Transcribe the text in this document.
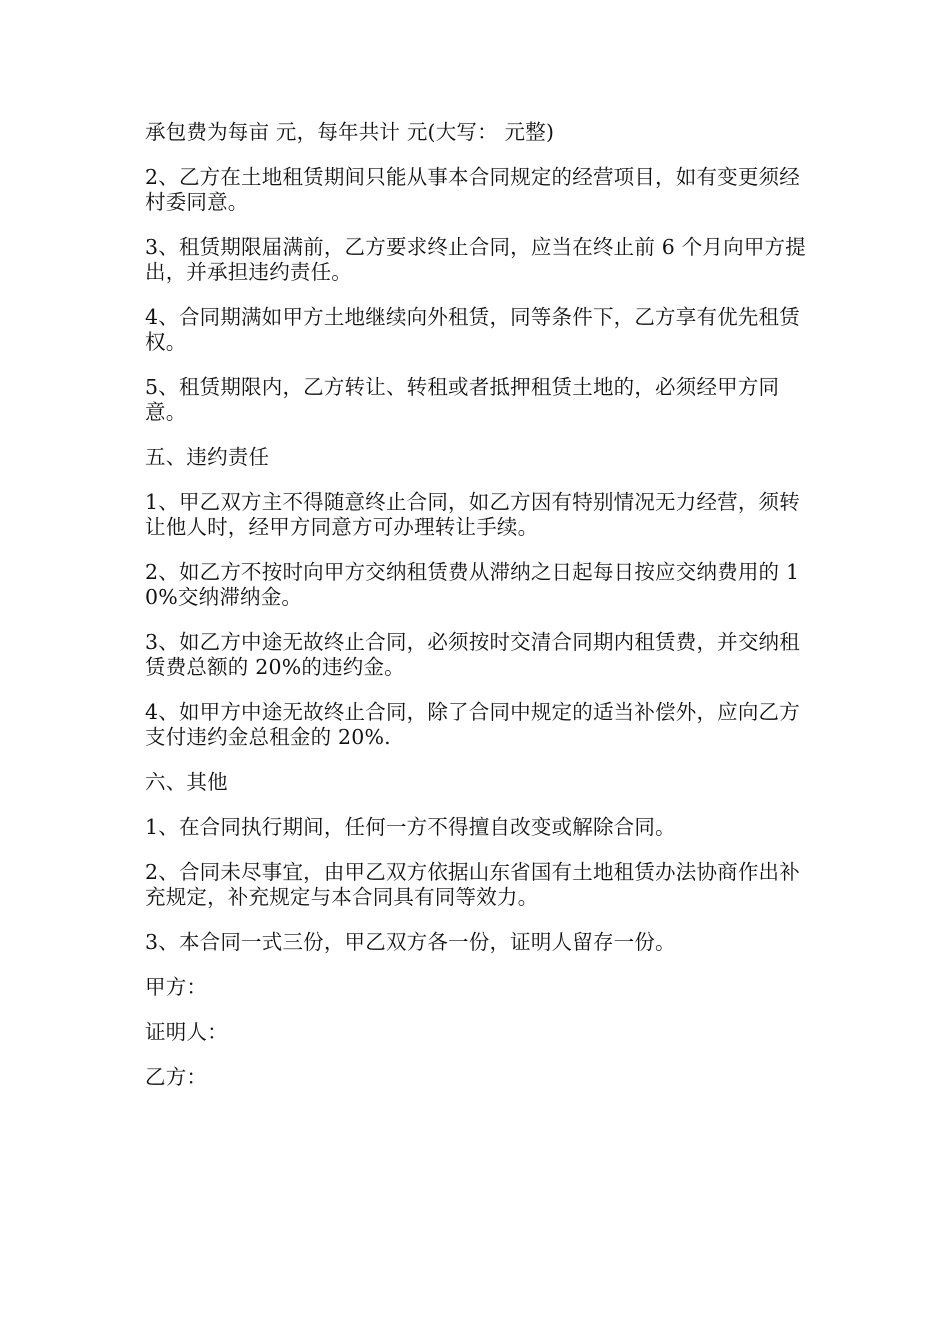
承包费为每亩 元，每年共计 元(大写： 元整)

2、乙方在土地租赁期间只能从事本合同规定的经营项目，如有变更须经村委同意。

3、租赁期限届满前，乙方要求终止合同，应当在终止前 6 个月向甲方提出，并承担违约责任。

4、合同期满如甲方土地继续向外租赁，同等条件下，乙方享有优先租赁权。

5、租赁期限内，乙方转让、转租或者抵押租赁土地的，必须经甲方同意。

五、违约责任

1、甲乙双方主不得随意终止合同，如乙方因有特别情况无力经营，须转让他人时，经甲方同意方可办理转让手续。

2、如乙方不按时向甲方交纳租赁费从滞纳之日起每日按应交纳费用的 10%交纳滞纳金。

3、如乙方中途无故终止合同，必须按时交清合同期内租赁费，并交纳租赁费总额的 20%的违约金。

4、如甲方中途无故终止合同，除了合同中规定的适当补偿外，应向乙方支付违约金总租金的 20%.

六、其他

1、在合同执行期间，任何一方不得擅自改变或解除合同。

2、合同未尽事宜，由甲乙双方依据山东省国有土地租赁办法协商作出补充规定，补充规定与本合同具有同等效力。

3、本合同一式三份，甲乙双方各一份，证明人留存一份。

甲方：

证明人：

乙方：
